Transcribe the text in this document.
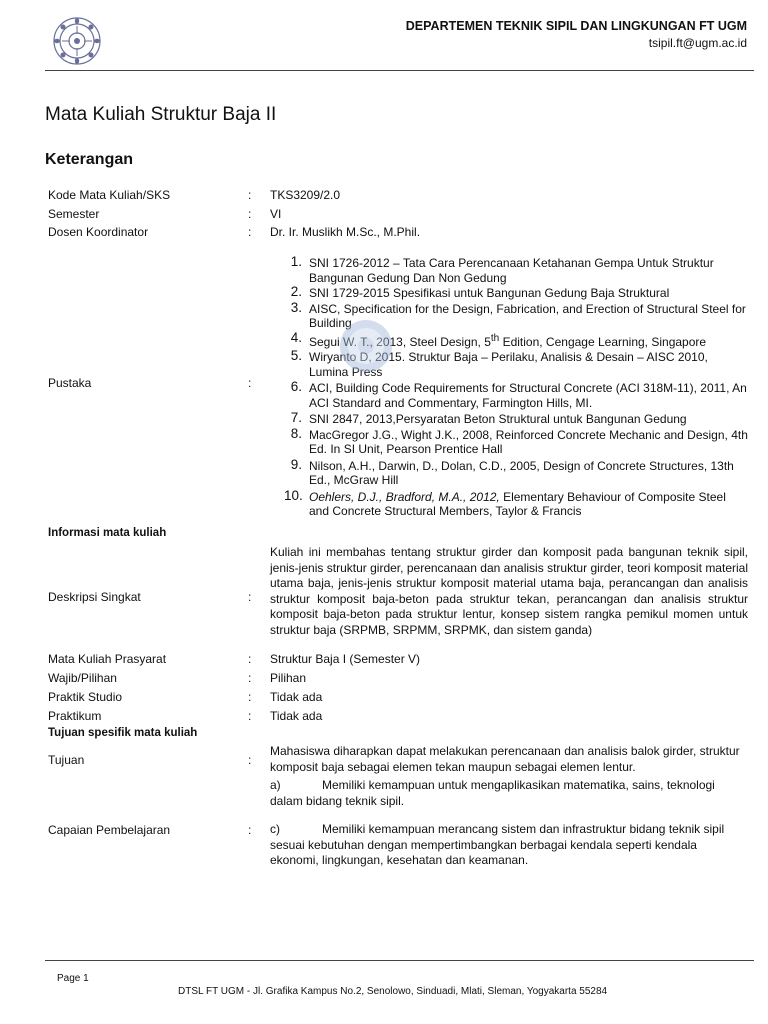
DEPARTEMEN TEKNIK SIPIL DAN LINGKUNGAN FT UGM
tsipil.ft@ugm.ac.id
Mata Kuliah Struktur Baja II
Keterangan
Kode Mata Kuliah/SKS	: TKS3209/2.0
Semester	: VI
Dosen Koordinator	: Dr. Ir. Muslikh M.Sc., M.Phil.
Pustaka	:
1. SNI 1726-2012 – Tata Cara Perencanaan Ketahanan Gempa Untuk Struktur Bangunan Gedung Dan Non Gedung
2. SNI 1729-2015 Spesifikasi untuk Bangunan Gedung Baja Struktural
3. AISC, Specification for the Design, Fabrication, and Erection of Structural Steel for Building
4. Segui W. T., 2013, Steel Design, 5th Edition, Cengage Learning, Singapore
5. Wiryanto D, 2015. Struktur Baja – Perilaku, Analisis & Desain – AISC 2010, Lumina Press
6. ACI, Building Code Requirements for Structural Concrete (ACI 318M-11), 2011, An ACI Standard and Commentary, Farmington Hills, MI.
7. SNI 2847, 2013,Persyaratan Beton Struktural untuk Bangunan Gedung
8. MacGregor J.G., Wight J.K., 2008, Reinforced Concrete Mechanic and Design, 4th Ed. In SI Unit, Pearson Prentice Hall
9. Nilson, A.H., Darwin, D., Dolan, C.D., 2005, Design of Concrete Structures, 13th Ed., McGraw Hill
10. Oehlers, D.J., Bradford, M.A., 2012, Elementary Behaviour of Composite Steel and Concrete Structural Members, Taylor & Francis
Informasi mata kuliah
Deskripsi Singkat	:
Kuliah ini membahas tentang struktur girder dan komposit pada bangunan teknik sipil, jenis-jenis struktur girder, perencanaan dan analisis struktur girder, teori komposit material utama baja, jenis-jenis struktur komposit material utama baja, perancangan dan analisis struktur komposit baja-beton pada struktur tekan, perancangan dan analisis struktur komposit baja-beton pada struktur lentur, konsep sistem rangka pemikul momen untuk struktur baja (SRPMB, SRPMM, SRPMK, dan sistem ganda)
Mata Kuliah Prasyarat	: Struktur Baja I (Semester V)
Wajib/Pilihan	: Pilihan
Praktik Studio	: Tidak ada
Praktikum	: Tidak ada
Tujuan spesifik mata kuliah
Tujuan	:
Mahasiswa diharapkan dapat melakukan perencanaan dan analisis balok girder, struktur komposit baja sebagai elemen tekan maupun sebagai elemen lentur.
a)	Memiliki kemampuan untuk mengaplikasikan matematika, sains, teknologi dalam bidang teknik sipil.
Capaian Pembelajaran	: c)	Memiliki kemampuan merancang sistem dan infrastruktur bidang teknik sipil sesuai kebutuhan dengan mempertimbangkan berbagai kendala seperti kendala ekonomi, lingkungan, kesehatan dan keamanan.
Page 1
DTSL FT UGM - Jl. Grafika Kampus No.2, Senolowo, Sinduadi, Mlati, Sleman, Yogyakarta 55284
